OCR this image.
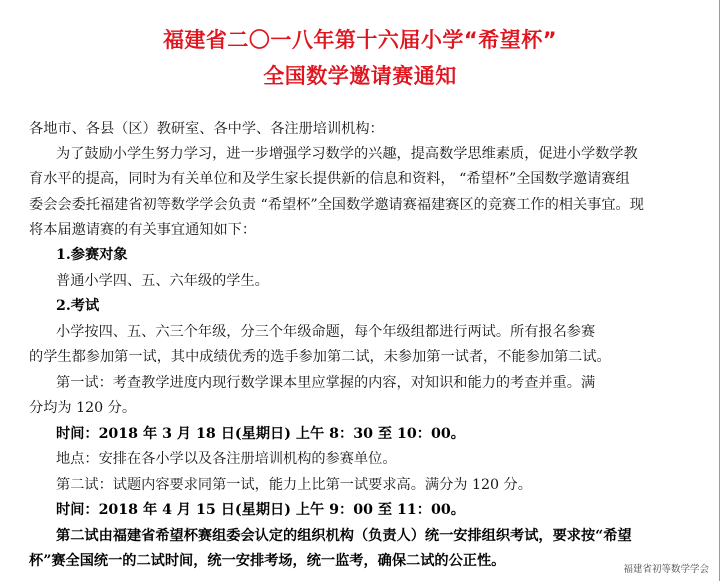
福建省二〇一八年第十六届小学“希望杯”
全国数学邀请赛通知
各地市、各县（区）教研室、各中学、各注册培训机构：
为了鼓励小学生努力学习，进一步增强学习数学的兴趣，提高数学思维素质，促进小学数学教
育水平的提高，同时为有关单位和及学生家长提供新的信息和资料， “希望杯”全国数学邀请赛组
委会会委托福建省初等数学学会负责 “希望杯”全国数学邀请赛福建赛区的竞赛工作的相关事宜。现
将本届邀请赛的有关事宜通知如下：
1.参赛对象
普通小学四、五、六年级的学生。
2.考试
小学按四、五、六三个年级，分三个年级命题，每个年级组都进行两试。所有报名参赛
的学生都参加第一试，其中成绩优秀的选手参加第二试，未参加第一试者，不能参加第二试。
第一试：考查教学进度内现行数学课本里应掌握的内容，对知识和能力的考查并重。满
分均为 120 分。
时间：2018 年 3 月 18 日(星期日) 上午 8：30 至 10：00。
地点：安排在各小学以及各注册培训机构的参赛单位。
第二试：试题内容要求同第一试，能力上比第一试要求高。满分为 120 分。
时间：2018 年 4 月 15 日(星期日) 上午 9：00 至 11：00。
第二试由福建省希望杯赛组委会认定的组织机构（负责人）统一安排组织考试，要求按“希望
杯”赛全国统一的二试时间，统一安排考场，统一监考，确保二试的公正性。
福建省初等数学学会
